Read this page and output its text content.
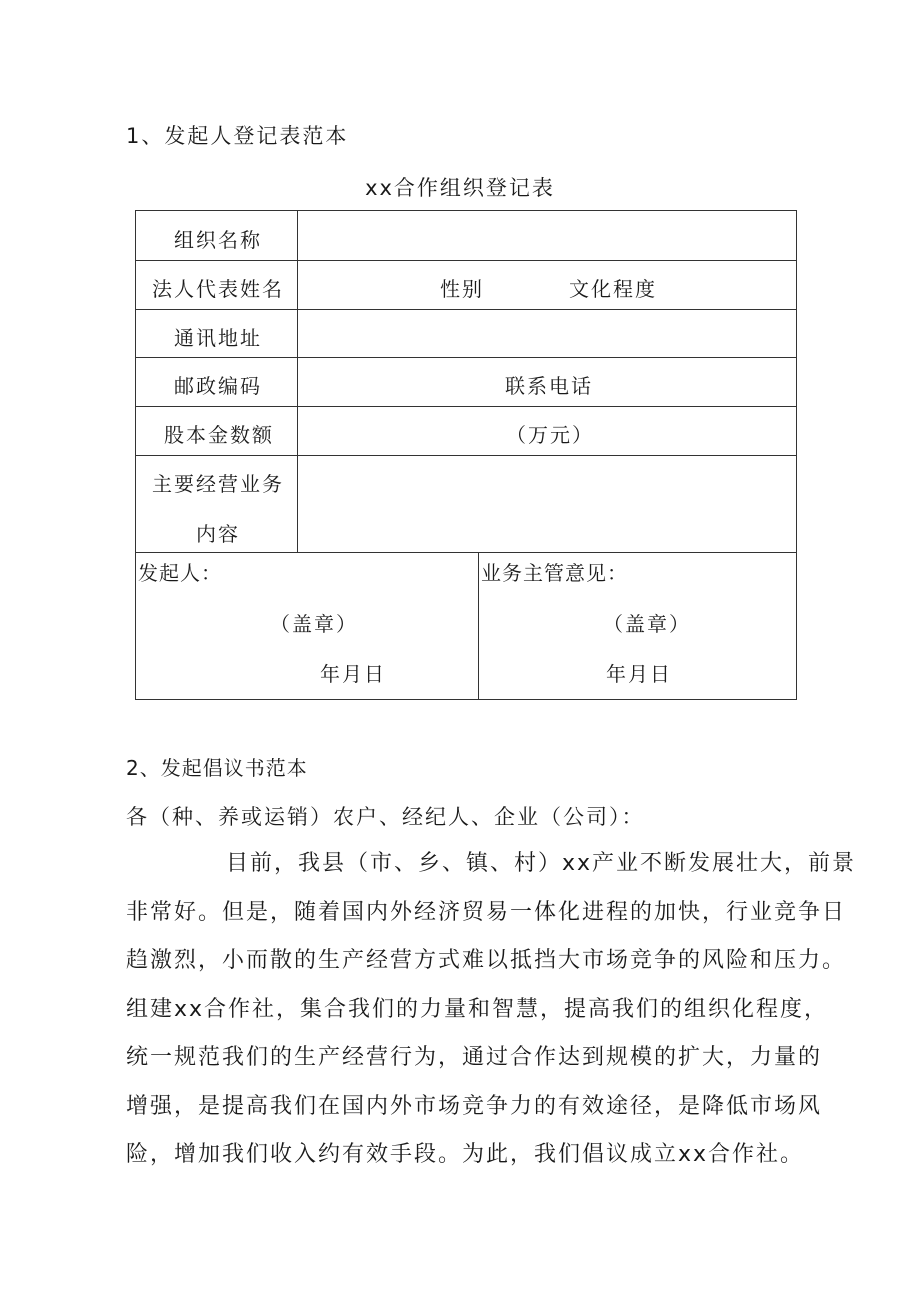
1、发起人登记表范本
xx合作组织登记表
组织名称
法人代表姓名	性别	文化程度
通讯地址
邮政编码	联系电话
股本金数额	（万元）
主要经营业务
内容
发起人：
（盖章）
年月日
业务主管意见：
（盖章）
年月日
2、发起倡议书范本
各（种、养或运销）农户、经纪人、企业（公司）：
目前，我县（市、乡、镇、村）xx产业不断发展壮大，前景
非常好。但是，随着国内外经济贸易一体化进程的加快，行业竞争日
趋激烈，小而散的生产经营方式难以抵挡大市场竞争的风险和压力。
组建xx合作社，集合我们的力量和智慧，提高我们的组织化程度，
统一规范我们的生产经营行为，通过合作达到规模的扩大，力量的
增强，是提高我们在国内外市场竞争力的有效途径，是降低市场风
险，增加我们收入约有效手段。为此，我们倡议成立xx合作社。
